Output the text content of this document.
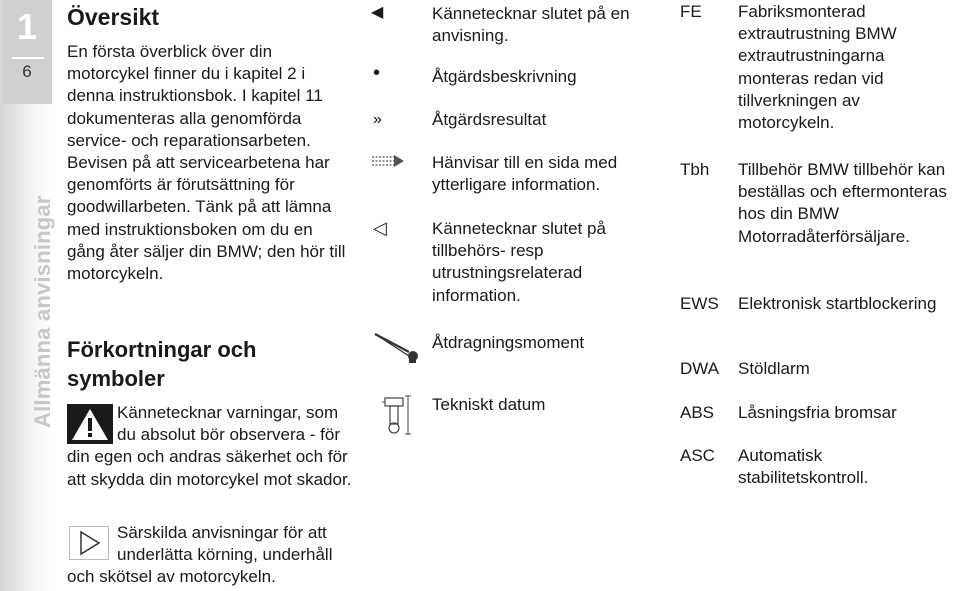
1
6
Allmänna anvisningar
Översikt

En första överblick över din motorcykel finner du i kapitel 2 i denna instruktionsbok. I kapitel 11 dokumenteras alla genomförda service- och reparationsarbeten. Bevisen på att servicearbetena har genomförts är förutsättning för goodwillarbeten. Tänk på att lämna med instruktionsboken om du en gång åter säljer din BMW; den hör till motorcykeln.

Förkortningar och symboler
Kännetecknar varningar, som du absolut bör observera - för din egen och andras säkerhet och för att skydda din motorcykel mot skador.
Särskilda anvisningar för att underlätta körning, underhåll och skötsel av motorcykeln.
◀	Kännetecknar slutet på en anvisning.
•	Åtgärdsbeskrivning
»	Åtgärdsresultat
Hänvisar till en sida med ytterligare information.
◁	Kännetecknar slutet på tillbehörs- resp utrustningsrelaterad information.
Åtdragningsmoment
Tekniskt datum
FE	Fabriksmonterad extrautrustning BMW extrautrustningarna monteras redan vid tillverkningen av motorcykeln.
Tbh	Tillbehör BMW tillbehör kan beställas och eftermonteras hos din BMW Motorradåterförsäljare.
EWS	Elektronisk startblockering
DWA	Stöldlarm
ABS	Låsningsfria bromsar
ASC	Automatisk stabilitetskontroll.
